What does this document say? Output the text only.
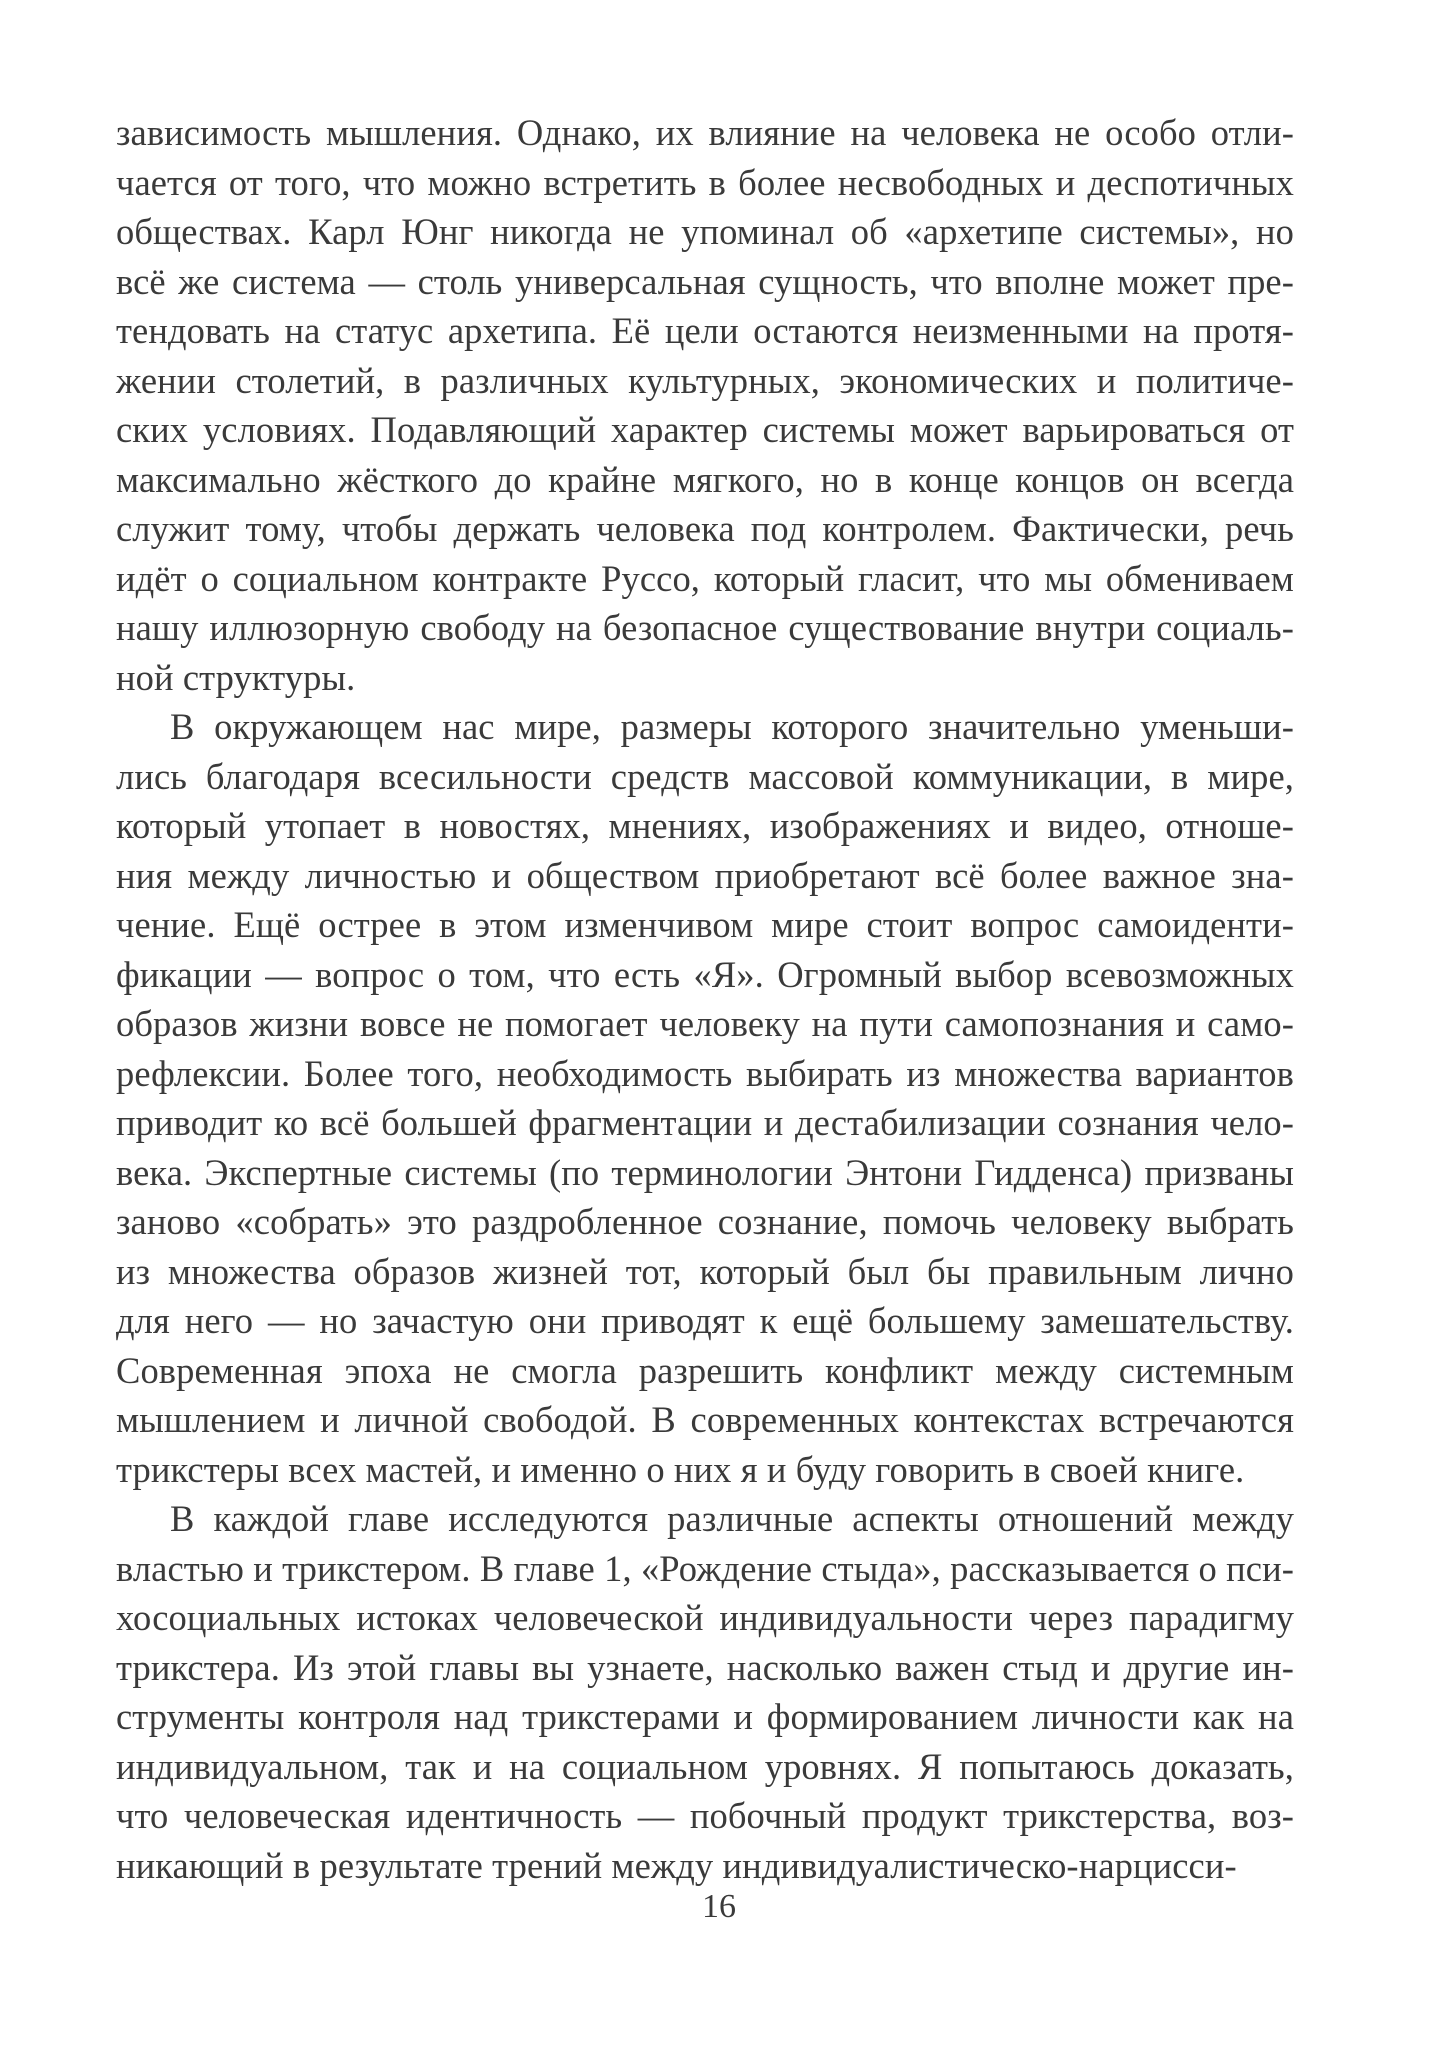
зависимость мышления. Однако, их влияние на человека не особо отли-
чается от того, что можно встретить в более несвободных и деспотичных
обществах. Карл Юнг никогда не упоминал об «архетипе системы», но
всё же система — столь универсальная сущность, что вполне может пре-
тендовать на статус архетипа. Её цели остаются неизменными на протя-
жении столетий, в различных культурных, экономических и политиче-
ских условиях. Подавляющий характер системы может варьироваться от
максимально жёсткого до крайне мягкого, но в конце концов он всегда
служит тому, чтобы держать человека под контролем. Фактически, речь
идёт о социальном контракте Руссо, который гласит, что мы обмениваем
нашу иллюзорную свободу на безопасное существование внутри социаль-
ной структуры.
В окружающем нас мире, размеры которого значительно уменьши-
лись благодаря всесильности средств массовой коммуникации, в мире,
который утопает в новостях, мнениях, изображениях и видео, отноше-
ния между личностью и обществом приобретают всё более важное зна-
чение. Ещё острее в этом изменчивом мире стоит вопрос самоиденти-
фикации — вопрос о том, что есть «Я». Огромный выбор всевозможных
образов жизни вовсе не помогает человеку на пути самопознания и само-
рефлексии. Более того, необходимость выбирать из множества вариантов
приводит ко всё большей фрагментации и дестабилизации сознания чело-
века. Экспертные системы (по терминологии Энтони Гидденса) призваны
заново «собрать» это раздробленное сознание, помочь человеку выбрать
из множества образов жизней тот, который был бы правильным лично
для него — но зачастую они приводят к ещё большему замешательству.
Современная эпоха не смогла разрешить конфликт между системным
мышлением и личной свободой. В современных контекстах встречаются
трикстеры всех мастей, и именно о них я и буду говорить в своей книге.
В каждой главе исследуются различные аспекты отношений между
властью и трикстером. В главе 1, «Рождение стыда», рассказывается о пси-
хосоциальных истоках человеческой индивидуальности через парадигму
трикстера. Из этой главы вы узнаете, насколько важен стыд и другие ин-
струменты контроля над трикстерами и формированием личности как на
индивидуальном, так и на социальном уровнях. Я попытаюсь доказать,
что человеческая идентичность — побочный продукт трикстерства, воз-
никающий в результате трений между индивидуалистическо-нарцисси-
16
